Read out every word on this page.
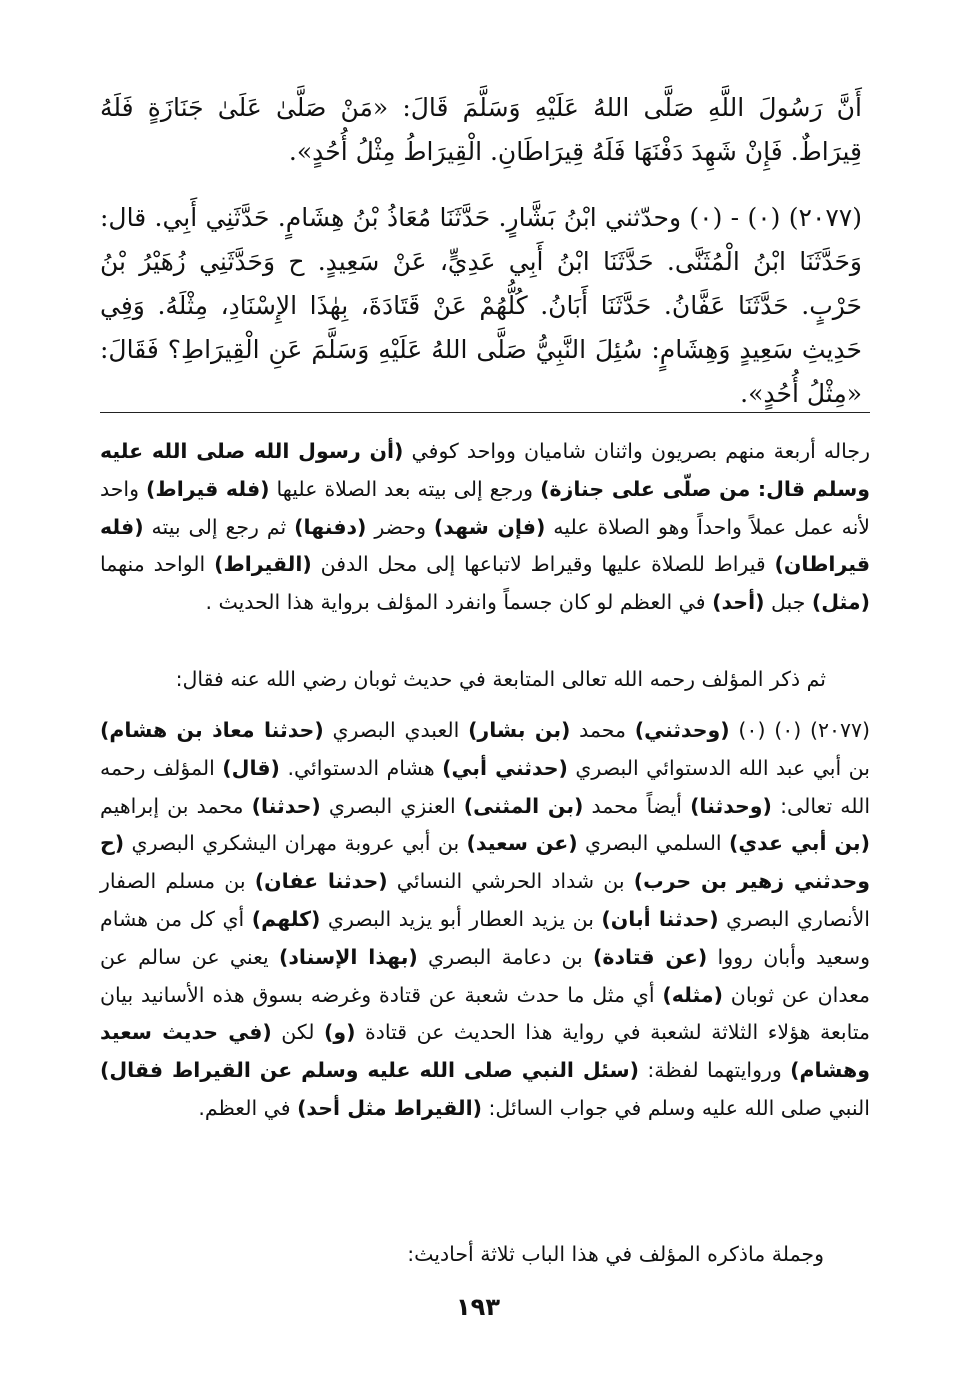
أَنَّ رَسُولَ اللَّهِ صَلَّى اللهُ عَلَيْهِ وَسَلَّمَ قَالَ: «مَنْ صَلَّىٰ عَلَىٰ جَنَازَةٍ فَلَهُ قِيرَاطٌ. فَإِنْ شَهِدَ دَفْنَهَا فَلَهُ قِيرَاطَانِ. الْقِيرَاطُ مِثْلُ أُحُدٍ».

(٢٠٧٧) (٠) - (٠) وحدّثني ابْنُ بَشَّارٍ. حَدَّثَنَا مُعَاذُ بْنُ هِشَامٍ. حَدَّثَنِي أَبِي. قال: وَحَدَّثَنَا ابْنُ الْمُثَنَّى. حَدَّثَنَا ابْنُ أَبِي عَدِيٍّ، عَنْ سَعِيدٍ. ح وَحَدَّثَنِي زُهَيْرُ بْنُ حَرْبٍ. حَدَّثَنَا عَفَّانُ. حَدَّثَنَا أَبَانُ. كُلُّهُمْ عَنْ قَتَادَةَ، بِهٰذَا الإِسْنَادِ، مِثْلَهُ. وَفِي حَدِيثِ سَعِيدٍ وَهِشَامٍ: سُئِلَ النَّبِيُّ صَلَّى اللهُ عَلَيْهِ وَسَلَّمَ عَنِ الْقِيرَاطِ؟ فَقَالَ: «مِثْلُ أُحُدٍ».

رجاله أربعة منهم بصريون واثنان شاميان وواحد كوفي (أن رسول الله صلى الله عليه وسلم قال: من صلّى على جنازة) ورجع إلى بيته بعد الصلاة عليها (فله قيراط) واحد لأنه عمل عملاً واحداً وهو الصلاة عليه (فإن شهد) وحضر (دفنها) ثم رجع إلى بيته (فله قيراطان) قيراط للصلاة عليها وقيراط لاتباعها إلى محل الدفن (القيراط) الواحد منهما (مثل) جبل (أحد) في العظم لو كان جسماً وانفرد المؤلف برواية هذا الحديث .
ثم ذكر المؤلف رحمه الله تعالى المتابعة في حديث ثوبان رضي الله عنه فقال:
(٢٠٧٧) (٠) (٠) (وحدثني) محمد (بن بشار) العبدي البصري (حدثنا معاذ بن هشام) بن أبي عبد الله الدستوائي البصري (حدثني أبي) هشام الدستوائي. (قال) المؤلف رحمه الله تعالى: (وحدثنا) أيضاً محمد (بن المثنى) العنزي البصري (حدثنا) محمد بن إبراهيم (بن أبي عدي) السلمي البصري (عن سعيد) بن أبي عروبة مهران اليشكري البصري (ح وحدثني زهير بن حرب) بن شداد الحرشي النسائي (حدثنا عفان) بن مسلم الصفار الأنصاري البصري (حدثنا أبان) بن يزيد العطار أبو يزيد البصري (كلهم) أي كل من هشام وسعيد وأبان رووا (عن قتادة) بن دعامة البصري (بهذا الإسناد) يعني عن سالم عن معدان عن ثوبان (مثله) أي مثل ما حدث شعبة عن قتادة وغرضه بسوق هذه الأسانيد بيان متابعة هؤلاء الثلاثة لشعبة في رواية هذا الحديث عن قتادة (و) لكن (في حديث سعيد وهشام) وروايتهما لفظة: (سئل النبي صلى الله عليه وسلم عن القيراط فقال) النبي صلى الله عليه وسلم في جواب السائل: (القيراط مثل أحد) في العظم.
وجملة ماذكره المؤلف في هذا الباب ثلاثة أحاديث:
١٩٣
